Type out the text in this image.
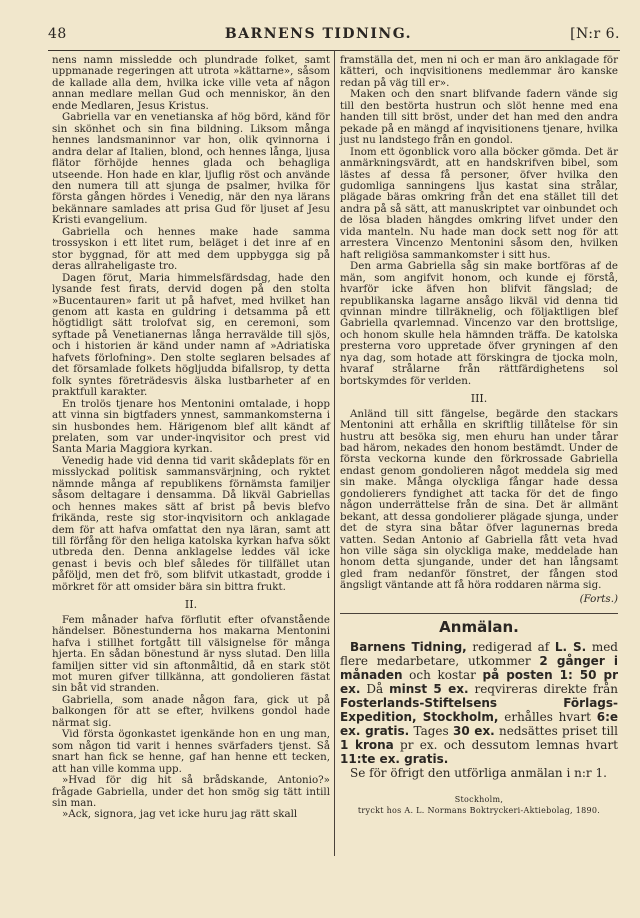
48	BARNENS TIDNING.	[N:r 6.

nens namn missledde och plundrade folket, samt uppmanade regeringen att utrota »kättarne», såsom de kallade alla dem, hvilka icke ville veta af någon annan medlare mellan Gud och menniskor, än den ende Medlaren, Jesus Kristus.

Gabriella var en venetianska af hög börd, känd för sin skönhet och sin fina bildning. Liksom många hennes landsmaninnor var hon, olik qvinnorna i andra delar af Italien, blond, och hennes långa, ljusa flätor förhöjde hennes glada och behagliga utseende. Hon hade en klar, ljuflig röst och använde den numera till att sjunga de psalmer, hvilka för första gången hördes i Venedig, när den nya lärans bekännare samlades att prisa Gud för ljuset af Jesu Kristi evangelium.

Gabriella och hennes make hade samma trossyskon i ett litet rum, beläget i det inre af en stor byggnad, för att med dem uppbygga sig på deras allraheligaste tro.

Dagen förut, Maria himmelsfärdsdag, hade den lysande fest firats, dervid dogen på den stolta »Bucentauren» farit ut på hafvet, med hvilket han genom att kasta en guldring i detsamma på ett högtidligt sätt trolofvat sig, en ceremoni, som syftade på Venetianernas långa herravälde till sjös, och i historien är känd under namn af »Adriatiska hafvets förlofning». Den stolte seglaren belsades af det församlade folkets högljudda bifallsrop, ty detta folk syntes företrädesvis älska lustbarheter af en praktfull karakter.

En trolös tjenare hos Mentonini omtalade, i hopp att vinna sin bigtfaders ynnest, sammankomsterna i sin husbondes hem. Härigenom blef allt kändt af prelaten, som var under-inqvisitor och prest vid Santa Maria Maggiora kyrkan.

Venedig hade vid denna tid varit skådeplats för en misslyckad politisk sammansvärjning, och ryktet nämnde många af republikens förnämsta familjer såsom deltagare i densamma. Då likväl Gabriellas och hennes makes sätt af brist på bevis blefvo frikända, reste sig stor-inqvisitorn och anklagade dem för att hafva omfattat den nya läran, samt att till förfång för den heliga katolska kyrkan hafva sökt utbreda den. Denna anklagelse leddes väl icke genast i bevis och blef således för tillfället utan påföljd, men det frö, som blifvit utkastadt, grodde i mörkret för att omsider bära sin bittra frukt.

II.

Fem månader hafva förflutit efter ofvanstående händelser. Bönestunderna hos makarna Mentonini hafva i stillhet fortgått till välsignelse för många hjerta. En sådan bönestund är nyss slutad. Den lilla familjen sitter vid sin aftonmåltid, då en stark stöt mot muren gifver tillkänna, att gondolieren fästat sin båt vid stranden.

Gabriella, som anade någon fara, gick ut på balkongen för att se efter, hvilkens gondol hade närmat sig.

Vid första ögonkastet igenkände hon en ung man, som någon tid varit i hennes svärfaders tjenst. Så snart han fick se henne, gaf han henne ett tecken, att han ville komma upp.

»Hvad för dig hit så brådskande, Antonio?» frågade Gabriella, under det hon smög sig tätt intill sin man.

»Ack, signora, jag vet icke huru jag rätt skall

framställa det, men ni och er man äro anklagade för kätteri, och inqvisitionens medlemmar äro kanske redan på väg till er».

Maken och den snart blifvande fadern vände sig till den bestörta hustrun och slöt henne med ena handen till sitt bröst, under det han med den andra pekade på en mängd af inqvisitionens tjenare, hvilka just nu landstego från en gondol.

Inom ett ögonblick voro alla böcker gömda. Det är anmärkningsvärdt, att en handskrifven bibel, som lästes af dessa få personer, öfver hvilka den gudomliga sanningens ljus kastat sina strålar, plägade bäras omkring från det ena stället till det andra på så sätt, att manuskriptet var oinbundet och de lösa bladen hängdes omkring lifvet under den vida manteln. Nu hade man dock sett nog för att arrestera Vincenzo Mentonini såsom den, hvilken haft religiösa sammankomster i sitt hus.

Den arma Gabriella såg sin make bortföras af de män, som angifvit honom, och kunde ej förstå, hvarför icke äfven hon blifvit fängslad; de republikanska lagarne ansågo likväl vid denna tid qvinnan mindre tillräknelig, och följaktligen blef Gabriella qvarlemnad. Vincenzo var den brottslige, och honom skulle hela hämnden träffa. De katolska presterna voro uppretade öfver gryningen af den nya dag, som hotade att förskingra de tjocka moln, hvaraf strålarne från rättfärdighetens sol bortskymdes för verlden.

III.

Anländ till sitt fängelse, begärde den stackars Mentonini att erhålla en skriftlig tillåtelse för sin hustru att besöka sig, men ehuru han under tårar bad härom, nekades den honom bestämdt. Under de första veckorna kunde den förkrossade Gabriella endast genom gondolieren något meddela sig med sin make. Många olyckliga fångar hade dessa gondolierers fyndighet att tacka för det de fingo någon underrättelse från de sina. Det är allmänt bekant, att dessa gondolierer plägade sjunga, under det de styra sina båtar öfver lagunernas breda vatten. Sedan Antonio af Gabriella fått veta hvad hon ville säga sin olyckliga make, meddelade han honom detta sjungande, under det han långsamt gled fram nedanför fönstret, der fången stod ängsligt väntande att få höra roddaren närma sig.

(Forts.)

Anmälan.

Barnens Tidning, redigerad af L. S. med flere medarbetare, utkommer 2 gånger i månaden och kostar på posten 1: 50 pr ex. Då minst 5 ex. reqvireras direkte från Fosterlands-Stiftelsens Förlags-Expedition, Stockholm, erhålles hvart 6:e ex. gratis. Tages 30 ex. nedsättes priset till 1 krona pr ex. och dessutom lemnas hvart 11:te ex. gratis.

Se för öfrigt den utförliga anmälan i n:r 1.

Stockholm,
tryckt hos A. L. Normans Boktryckeri-Aktiebolag, 1890.
